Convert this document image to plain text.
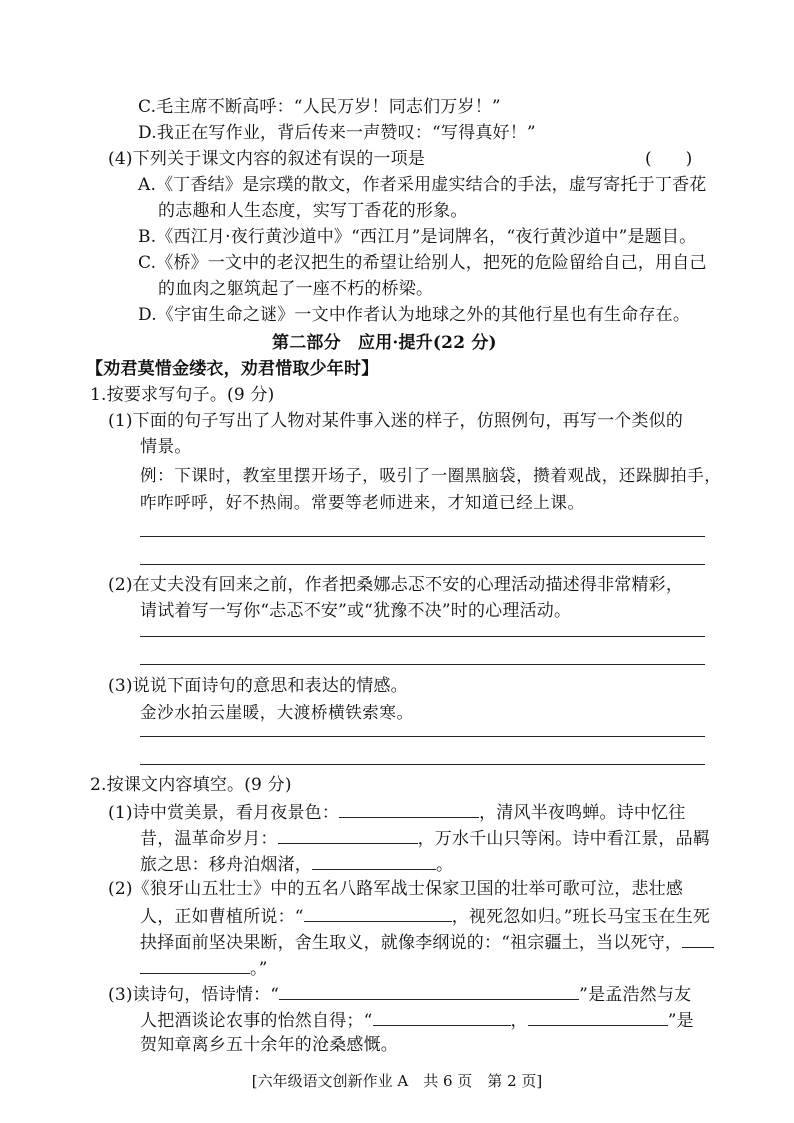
C.毛主席不断高呼：“人民万岁！同志们万岁！”
D.我正在写作业，背后传来一声赞叹：“写得真好！”
(4)下列关于课文内容的叙述有误的一项是	(　　)
A.《丁香结》是宗璞的散文，作者采用虚实结合的手法，虚写寄托于丁香花
的志趣和人生态度，实写丁香花的形象。
B.《西江月·夜行黄沙道中》“西江月”是词牌名，“夜行黄沙道中”是题目。
C.《桥》一文中的老汉把生的希望让给别人，把死的危险留给自己，用自己
的血肉之躯筑起了一座不朽的桥梁。
D.《宇宙生命之谜》一文中作者认为地球之外的其他行星也有生命存在。
第二部分　应用·提升(22 分)
【劝君莫惜金缕衣，劝君惜取少年时】
1.按要求写句子。(9 分)
(1)下面的句子写出了人物对某件事入迷的样子，仿照例句，再写一个类似的
情景。
例：下课时，教室里摆开场子，吸引了一圈黑脑袋，攒着观战，还跺脚拍手，
咋咋呼呼，好不热闹。常要等老师进来，才知道已经上课。
(2)在丈夫没有回来之前，作者把桑娜忐忑不安的心理活动描述得非常精彩，
请试着写一写你“忐忑不安”或“犹豫不决”时的心理活动。
(3)说说下面诗句的意思和表达的情感。
金沙水拍云崖暖，大渡桥横铁索寒。
2.按课文内容填空。(9 分)
(1)诗中赏美景，看月夜景色：	，清风半夜鸣蝉。诗中忆往
昔，温革命岁月：	，万水千山只等闲。诗中看江景，品羁
旅之思：移舟泊烟渚，	。
(2)《狼牙山五壮士》中的五名八路军战士保家卫国的壮举可歌可泣，悲壮感
人，正如曹植所说：“	，视死忽如归。”班长马宝玉在生死
抉择面前坚决果断，舍生取义，就像李纲说的：“祖宗疆土，当以死守，
。”
(3)读诗句，悟诗情：“	”是孟浩然与友
人把酒谈论农事的怡然自得；“	，	”是
贺知章离乡五十余年的沧桑感慨。
[六年级语文创新作业 A　共 6 页　第 2 页]
